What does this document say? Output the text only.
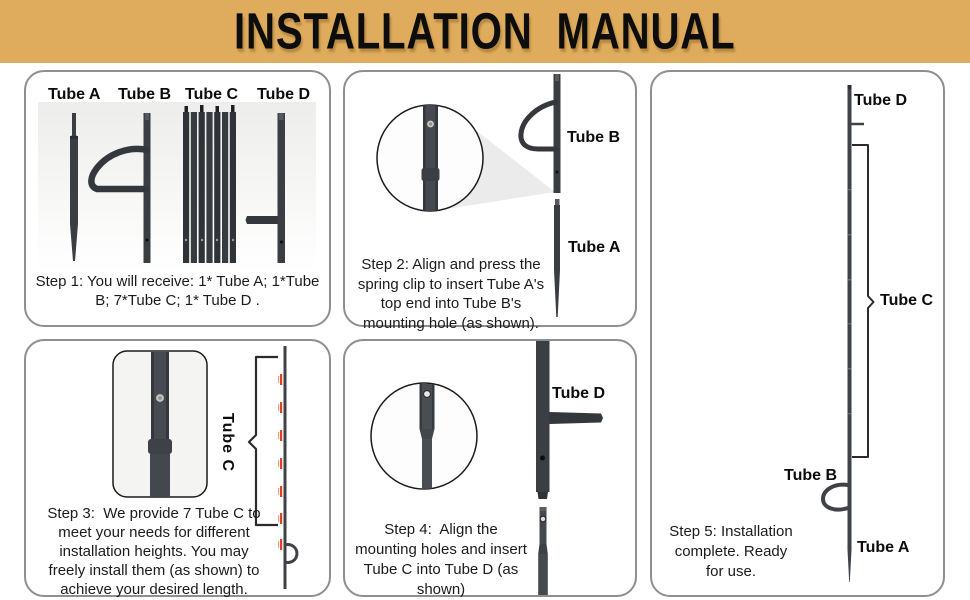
INSTALLATION  MANUAL
Tube A Tube B Tube C Tube D
Step 1: You will receive: 1* Tube A; 1*Tube
B; 7*Tube C; 1* Tube D .
Tube B
Tube A
Step 2: Align and press the
spring clip to insert Tube A's
top end into Tube B's
mounting hole (as shown).
Tube C
Step 3:  We provide 7 Tube C to
meet your needs for different
installation heights. You may
freely install them (as shown) to
achieve your desired length.
Tube D
Step 4:  Align the
mounting holes and insert
Tube C into Tube D (as
shown)
Tube D
Tube C
Tube B
Tube A
Step 5: Installation
complete. Ready
for use.
